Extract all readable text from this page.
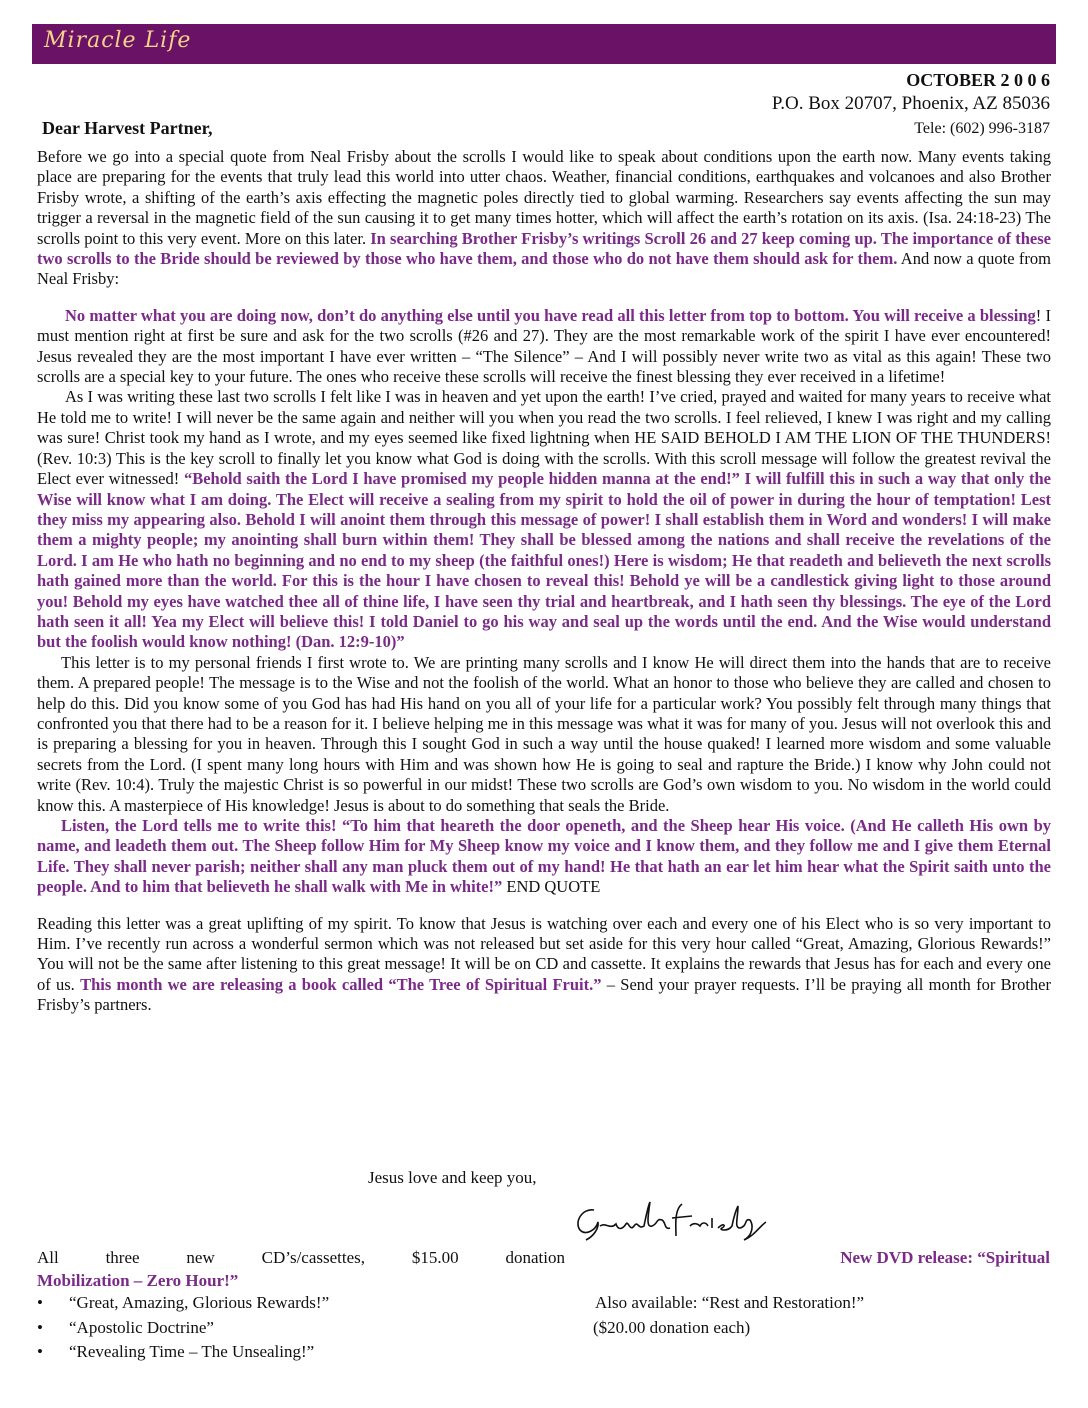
Miracle Life
OCTOBER 2 0 0 6
P.O. Box 20707, Phoenix, AZ 85036
Dear Harvest Partner,	Tele: (602) 996-3187

Before we go into a special quote from Neal Frisby about the scrolls I would like to speak about conditions upon the earth now. Many events taking place are preparing for the events that truly lead this world into utter chaos. Weather, financial conditions, earthquakes and volcanoes and also Brother Frisby wrote, a shifting of the earth’s axis effecting the magnetic poles directly tied to global warming. Researchers say events affecting the sun may trigger a reversal in the magnetic field of the sun causing it to get many times hotter, which will affect the earth’s rotation on its axis. (Isa. 24:18-23) The scrolls point to this very event. More on this later. In searching Brother Frisby’s writings Scroll 26 and 27 keep coming up. The importance of these two scrolls to the Bride should be reviewed by those who have them, and those who do not have them should ask for them. And now a quote from Neal Frisby:

No matter what you are doing now, don’t do anything else until you have read all this letter from top to bottom. You will receive a blessing! I must mention right at first be sure and ask for the two scrolls (#26 and 27). They are the most remarkable work of the spirit I have ever encountered! Jesus revealed they are the most important I have ever written – “The Silence” – And I will possibly never write two as vital as this again! These two scrolls are a special key to your future. The ones who receive these scrolls will receive the finest blessing they ever received in a lifetime!

As I was writing these last two scrolls I felt like I was in heaven and yet upon the earth! I’ve cried, prayed and waited for many years to receive what He told me to write! I will never be the same again and neither will you when you read the two scrolls. I feel relieved, I knew I was right and my calling was sure! Christ took my hand as I wrote, and my eyes seemed like fixed lightning when HE SAID BEHOLD I AM THE LION OF THE THUNDERS! (Rev. 10:3) This is the key scroll to finally let you know what God is doing with the scrolls. With this scroll message will follow the greatest revival the Elect ever witnessed! “Behold saith the Lord I have promised my people hidden manna at the end!” I will fulfill this in such a way that only the Wise will know what I am doing. The Elect will receive a sealing from my spirit to hold the oil of power in during the hour of temptation! Lest they miss my appearing also. Behold I will anoint them through this message of power! I shall establish them in Word and wonders! I will make them a mighty people; my anointing shall burn within them! They shall be blessed among the nations and shall receive the revelations of the Lord. I am He who hath no beginning and no end to my sheep (the faithful ones!) Here is wisdom; He that readeth and believeth the next scrolls hath gained more than the world. For this is the hour I have chosen to reveal this! Behold ye will be a candlestick giving light to those around you! Behold my eyes have watched thee all of thine life, I have seen thy trial and heartbreak, and I hath seen thy blessings. The eye of the Lord hath seen it all! Yea my Elect will believe this! I told Daniel to go his way and seal up the words until the end. And the Wise would understand but the foolish would know nothing! (Dan. 12:9-10)”

This letter is to my personal friends I first wrote to. We are printing many scrolls and I know He will direct them into the hands that are to receive them. A prepared people! The message is to the Wise and not the foolish of the world. What an honor to those who believe they are called and chosen to help do this. Did you know some of you God has had His hand on you all of your life for a particular work? You possibly felt through many things that confronted you that there had to be a reason for it. I believe helping me in this message was what it was for many of you. Jesus will not overlook this and is preparing a blessing for you in heaven. Through this I sought God in such a way until the house quaked! I learned more wisdom and some valuable secrets from the Lord. (I spent many long hours with Him and was shown how He is going to seal and rapture the Bride.) I know why John could not write (Rev. 10:4). Truly the majestic Christ is so powerful in our midst! These two scrolls are God’s own wisdom to you. No wisdom in the world could know this. A masterpiece of His knowledge! Jesus is about to do something that seals the Bride.

Listen, the Lord tells me to write this! “To him that heareth the door openeth, and the Sheep hear His voice. (And He calleth His own by name, and leadeth them out. The Sheep follow Him for My Sheep know my voice and I know them, and they follow me and I give them Eternal Life. They shall never parish; neither shall any man pluck them out of my hand! He that hath an ear let him hear what the Spirit saith unto the people. And to him that believeth he shall walk with Me in white!” END QUOTE

Reading this letter was a great uplifting of my spirit. To know that Jesus is watching over each and every one of his Elect who is so very important to Him. I’ve recently run across a wonderful sermon which was not released but set aside for this very hour called “Great, Amazing, Glorious Rewards!” You will not be the same after listening to this great message! It will be on CD and cassette. It explains the rewards that Jesus has for each and every one of us. This month we are releasing a book called “The Tree of Spiritual Fruit.” – Send your prayer requests. I’ll be praying all month for Brother Frisby’s partners.

Jesus love and keep you,
All three new CD’s/cassettes, $15.00 donation	New DVD release: “Spiritual
Mobilization – Zero Hour!”
• “Great, Amazing, Glorious Rewards!”
• “Apostolic Doctrine”
• “Revealing Time – The Unsealing!”
Also available: “Rest and Restoration!”
($20.00 donation each)
